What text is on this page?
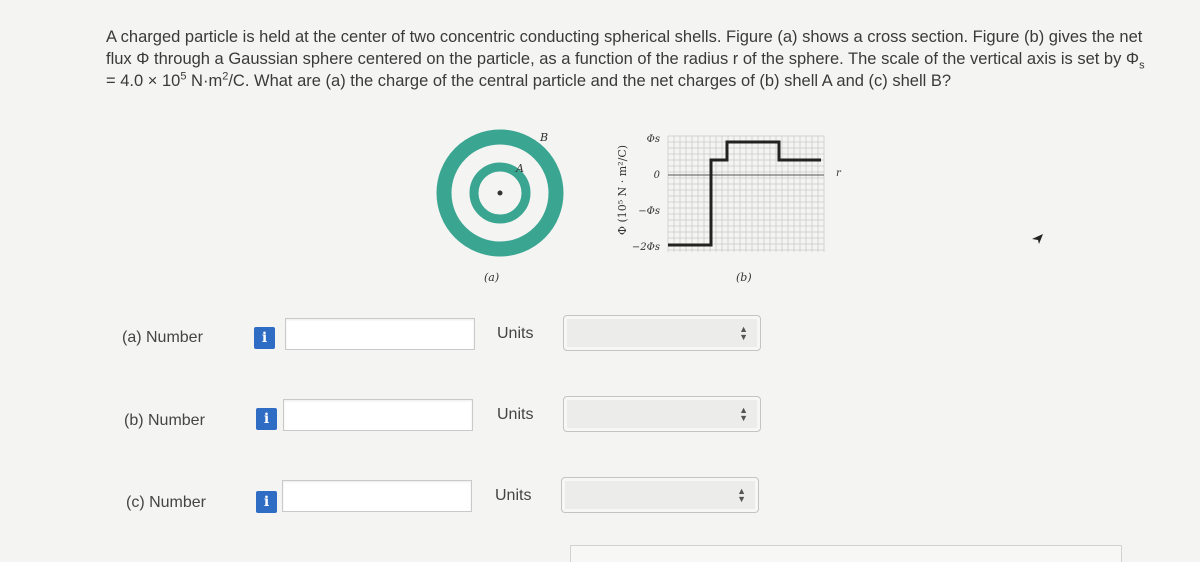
A charged particle is held at the center of two concentric conducting spherical shells. Figure (a) shows a cross section. Figure (b) gives the net flux Φ through a Gaussian sphere centered on the particle, as a function of the radius r of the sphere. The scale of the vertical axis is set by $\Phi_s = 4.0 \times 10^5$ $N\cdot m^2/C$. What are (a) the charge of the central particle and the net charges of (b) shell A and (c) shell B?
B
A
(a)
Φ (10⁵ N · m²/C)
Φs
0
−Φs
−2Φs
r
(b)
(a) Number	i	Units	▲
▼
(b) Number	i	Units	▲
▼
(c) Number	i	Units	▲
▼
